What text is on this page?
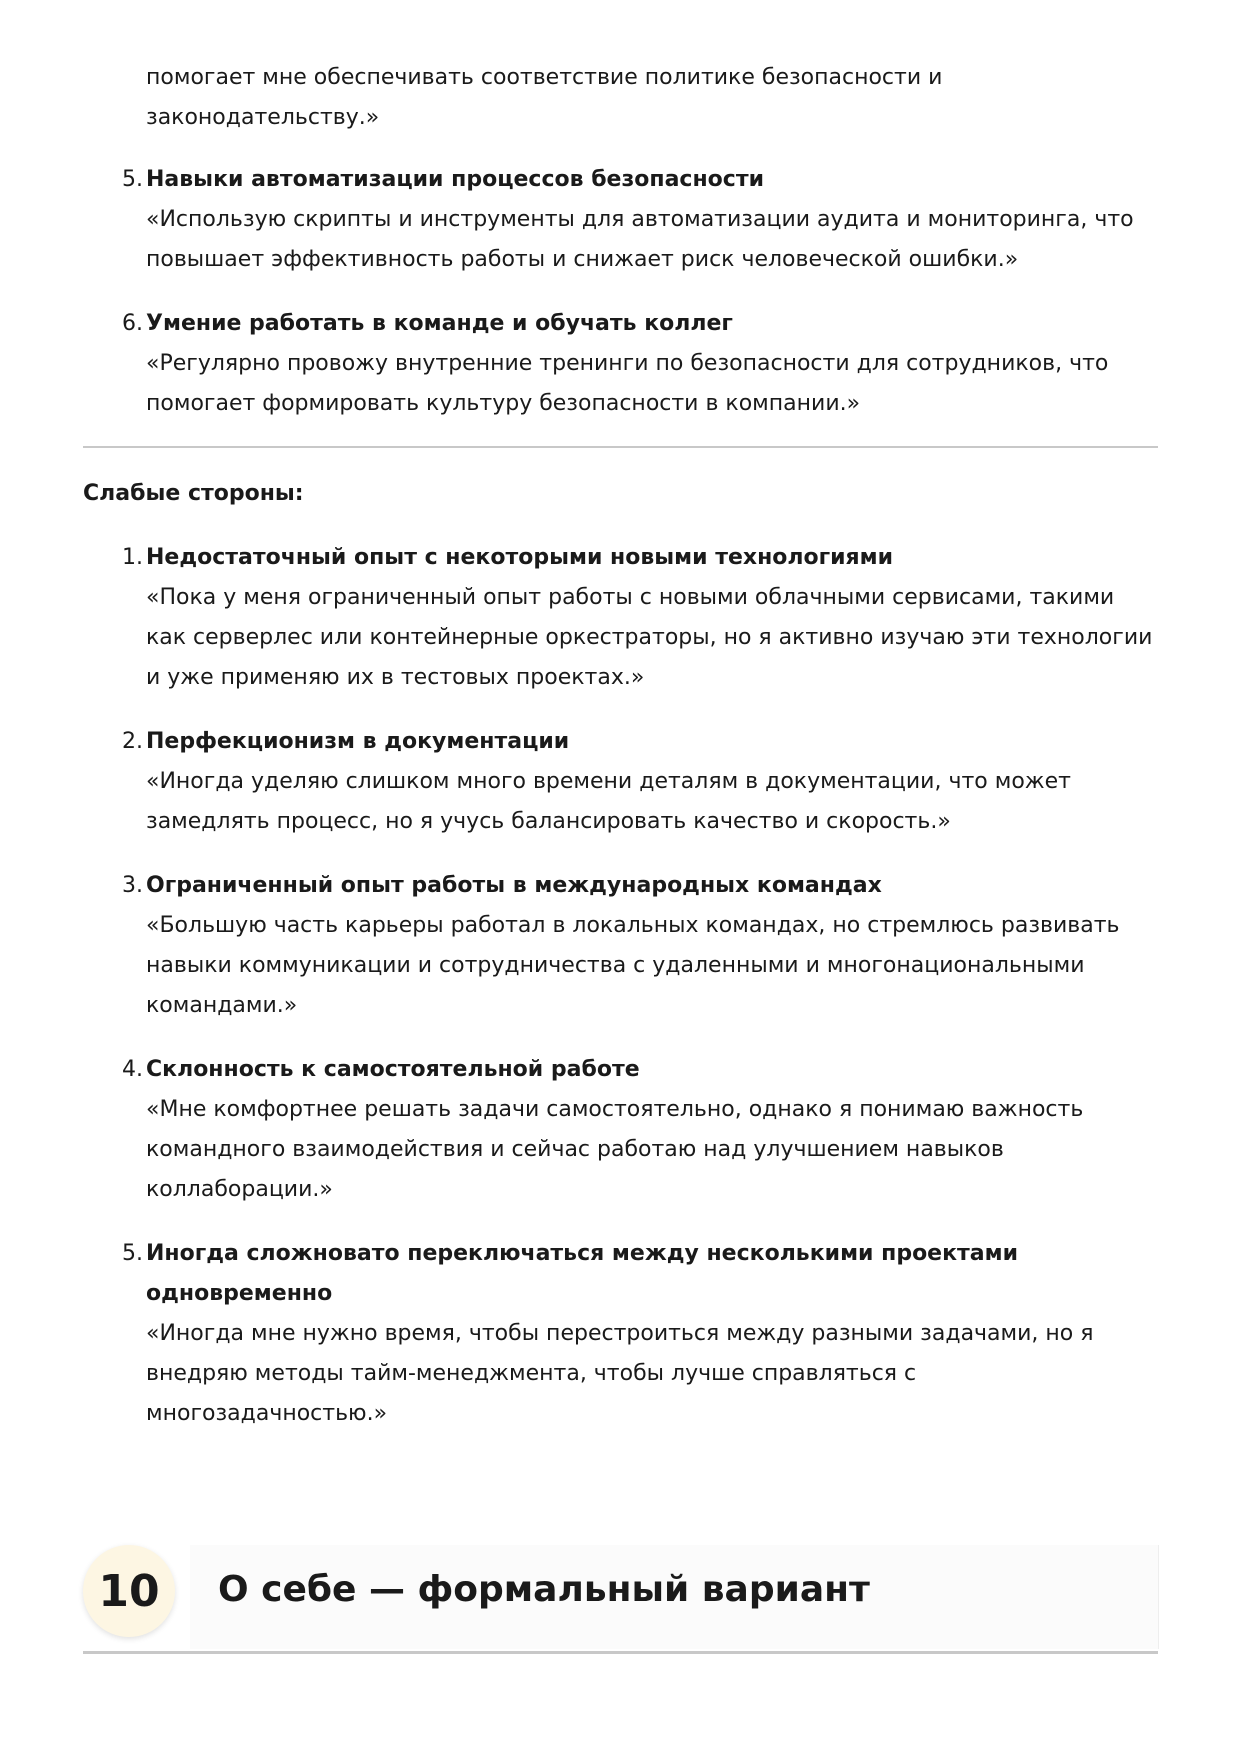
помогает мне обеспечивать соответствие политике безопасности и законодательству.»
5. Навыки автоматизации процессов безопасности
«Использую скрипты и инструменты для автоматизации аудита и мониторинга, что повышает эффективность работы и снижает риск человеческой ошибки.»
6. Умение работать в команде и обучать коллег
«Регулярно провожу внутренние тренинги по безопасности для сотрудников, что помогает формировать культуру безопасности в компании.»
Слабые стороны:
1. Недостаточный опыт с некоторыми новыми технологиями
«Пока у меня ограниченный опыт работы с новыми облачными сервисами, такими как серверлес или контейнерные оркестраторы, но я активно изучаю эти технологии и уже применяю их в тестовых проектах.»
2. Перфекционизм в документации
«Иногда уделяю слишком много времени деталям в документации, что может замедлять процесс, но я учусь балансировать качество и скорость.»
3. Ограниченный опыт работы в международных командах
«Большую часть карьеры работал в локальных командах, но стремлюсь развивать навыки коммуникации и сотрудничества с удаленными и многонациональными командами.»
4. Склонность к самостоятельной работе
«Мне комфортнее решать задачи самостоятельно, однако я понимаю важность командного взаимодействия и сейчас работаю над улучшением навыков коллаборации.»
5. Иногда сложновато переключаться между несколькими проектами одновременно
«Иногда мне нужно время, чтобы перестроиться между разными задачами, но я внедряю методы тайм-менеджмента, чтобы лучше справляться с многозадачностью.»
10	О себе — формальный вариант
